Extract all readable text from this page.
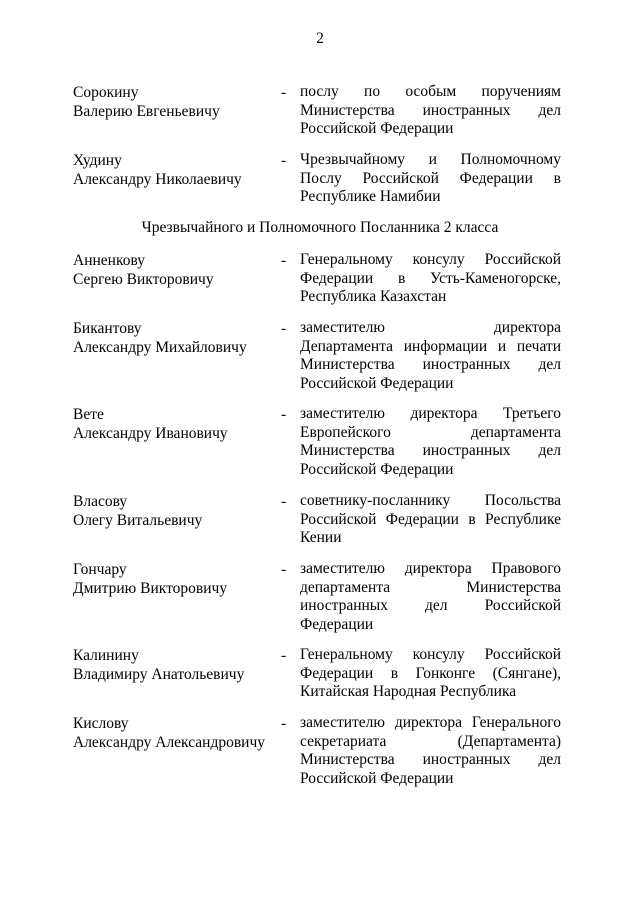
2
Сорокину
Валерию Евгеньевичу
- послу по особым поручениям
Министерства иностранных дел
Российской Федерации
Худину
Александру Николаевичу
- Чрезвычайному и Полномочному
Послу Российской Федерации в
Республике Намибии
Чрезвычайного и Полномочного Посланника 2 класса
Анненкову
Сергею Викторовичу
- Генеральному консулу Российской
Федерации в Усть-Каменогорске,
Республика Казахстан
Бикантову
Александру Михайловичу
- заместителю директора
Департамента информации и печати
Министерства иностранных дел
Российской Федерации
Вете
Александру Ивановичу
- заместителю директора Третьего
Европейского департамента
Министерства иностранных дел
Российской Федерации
Власову
Олегу Витальевичу
- советнику-посланнику Посольства
Российской Федерации в Республике
Кении
Гончару
Дмитрию Викторовичу
- заместителю директора Правового
департамента Министерства
иностранных дел Российской
Федерации
Калинину
Владимиру Анатольевичу
- Генеральному консулу Российской
Федерации в Гонконге (Сянгане),
Китайская Народная Республика
Кислову
Александру Александровичу
- заместителю директора Генерального
секретариата (Департамента)
Министерства иностранных дел
Российской Федерации
